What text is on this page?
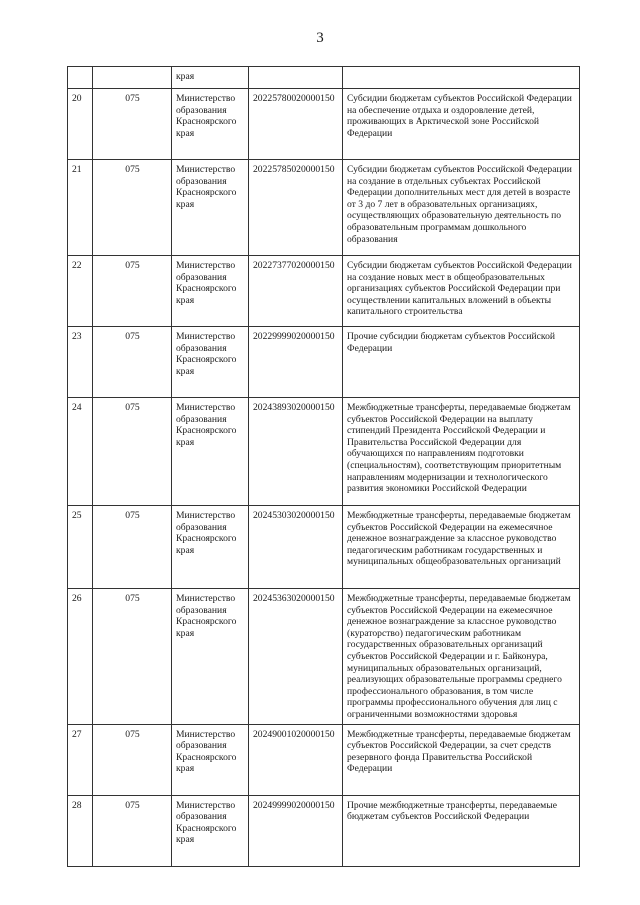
3
		края		
20	075	Министерство образования Красноярского края	20225780020000150	Субсидии бюджетам субъектов Российской Федерации на обеспечение отдыха и оздоровление детей, проживающих в Арктической зоне Российской Федерации
21	075	Министерство образования Красноярского края	20225785020000150	Субсидии бюджетам субъектов Российской Федерации на создание в отдельных субъектах Российской Федерации дополнительных мест для детей в возрасте от 3 до 7 лет в образовательных организациях, осуществляющих образовательную деятельность по образовательным программам дошкольного образования
22	075	Министерство образования Красноярского края	20227377020000150	Субсидии бюджетам субъектов Российской Федерации на создание новых мест в общеобразовательных организациях субъектов Российской Федерации при осуществлении капитальных вложений в объекты капитального строительства
23	075	Министерство образования Красноярского края	20229999020000150	Прочие субсидии бюджетам субъектов Российской Федерации
24	075	Министерство образования Красноярского края	20243893020000150	Межбюджетные трансферты, передаваемые бюджетам субъектов Российской Федерации на выплату стипендий Президента Российской Федерации и Правительства Российской Федерации для обучающихся по направлениям подготовки (специальностям), соответствующим приоритетным направлениям модернизации и технологического развития экономики Российской Федерации
25	075	Министерство образования Красноярского края	20245303020000150	Межбюджетные трансферты, передаваемые бюджетам субъектов Российской Федерации на ежемесячное денежное вознаграждение за классное руководство педагогическим работникам государственных и муниципальных общеобразовательных организаций
26	075	Министерство образования Красноярского края	20245363020000150	Межбюджетные трансферты, передаваемые бюджетам субъектов Российской Федерации на ежемесячное денежное вознаграждение за классное руководство (кураторство) педагогическим работникам государственных образовательных организаций субъектов Российской Федерации и г. Байконура, муниципальных образовательных организаций, реализующих образовательные программы среднего профессионального образования, в том числе программы профессионального обучения для лиц с ограниченными возможностями здоровья
27	075	Министерство образования Красноярского края	20249001020000150	Межбюджетные трансферты, передаваемые бюджетам субъектов Российской Федерации, за счет средств резервного фонда Правительства Российской Федерации
28	075	Министерство образования Красноярского края	20249999020000150	Прочие межбюджетные трансферты, передаваемые бюджетам субъектов Российской Федерации
